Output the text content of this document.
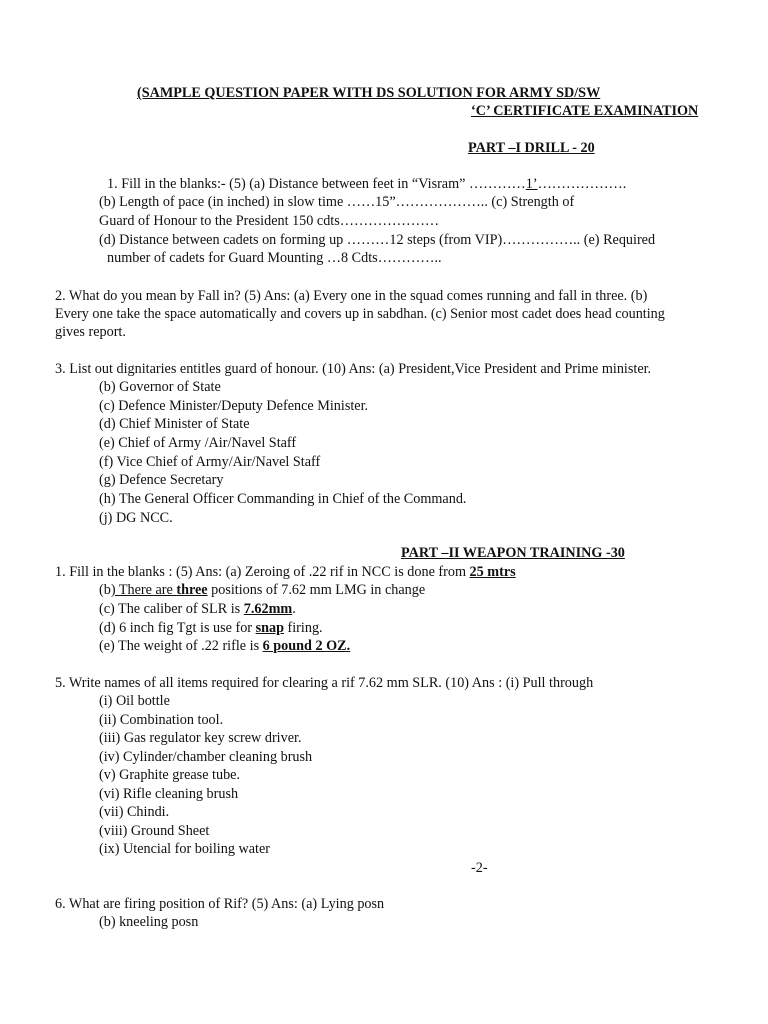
(SAMPLE QUESTION PAPER WITH DS SOLUTION FOR ARMY SD/SW
‘C’ CERTIFICATE EXAMINATION
PART –I DRILL - 20
1. Fill in the blanks:- (5) (a) Distance between feet in “Visram” …………1’……………….
(b) Length of pace (in inched) in slow time ……15”……………….. (c) Strength of
Guard of Honour to the President 150 cdts…………………
(d) Distance between cadets on forming up ………12 steps (from VIP)…………….. (e) Required
number of cadets for Guard Mounting …8 Cdts…………..
2. What do you mean by Fall in? (5) Ans: (a) Every one in the squad comes running and fall in three. (b)
Every one take the space automatically and covers up in sabdhan. (c) Senior most cadet does head counting
gives report.
3. List out dignitaries entitles guard of honour. (10) Ans: (a) President,Vice President and Prime minister.
(b) Governor of State
(c) Defence Minister/Deputy Defence Minister.
(d) Chief Minister of State
(e) Chief of Army /Air/Navel Staff
(f) Vice Chief of Army/Air/Navel Staff
(g) Defence Secretary
(h) The General Officer Commanding in Chief of the Command.
(j) DG NCC.
PART –II WEAPON TRAINING -30
1. Fill in the blanks : (5) Ans: (a) Zeroing of .22 rif in NCC is done from 25 mtrs
(b) There are three positions of 7.62 mm LMG in change
(c) The caliber of SLR is 7.62mm.
(d) 6 inch fig Tgt is use for snap firing.
(e) The weight of .22 rifle is 6 pound 2 OZ.
5. Write names of all items required for clearing a rif 7.62 mm SLR. (10) Ans : (i) Pull through
(i) Oil bottle
(ii) Combination tool.
(iii) Gas regulator key screw driver.
(iv) Cylinder/chamber cleaning brush
(v) Graphite grease tube.
(vi) Rifle cleaning brush
(vii) Chindi.
(viii) Ground Sheet
(ix) Utencial for boiling water
-2-
6. What are firing position of Rif? (5) Ans: (a) Lying posn
(b) kneeling posn
